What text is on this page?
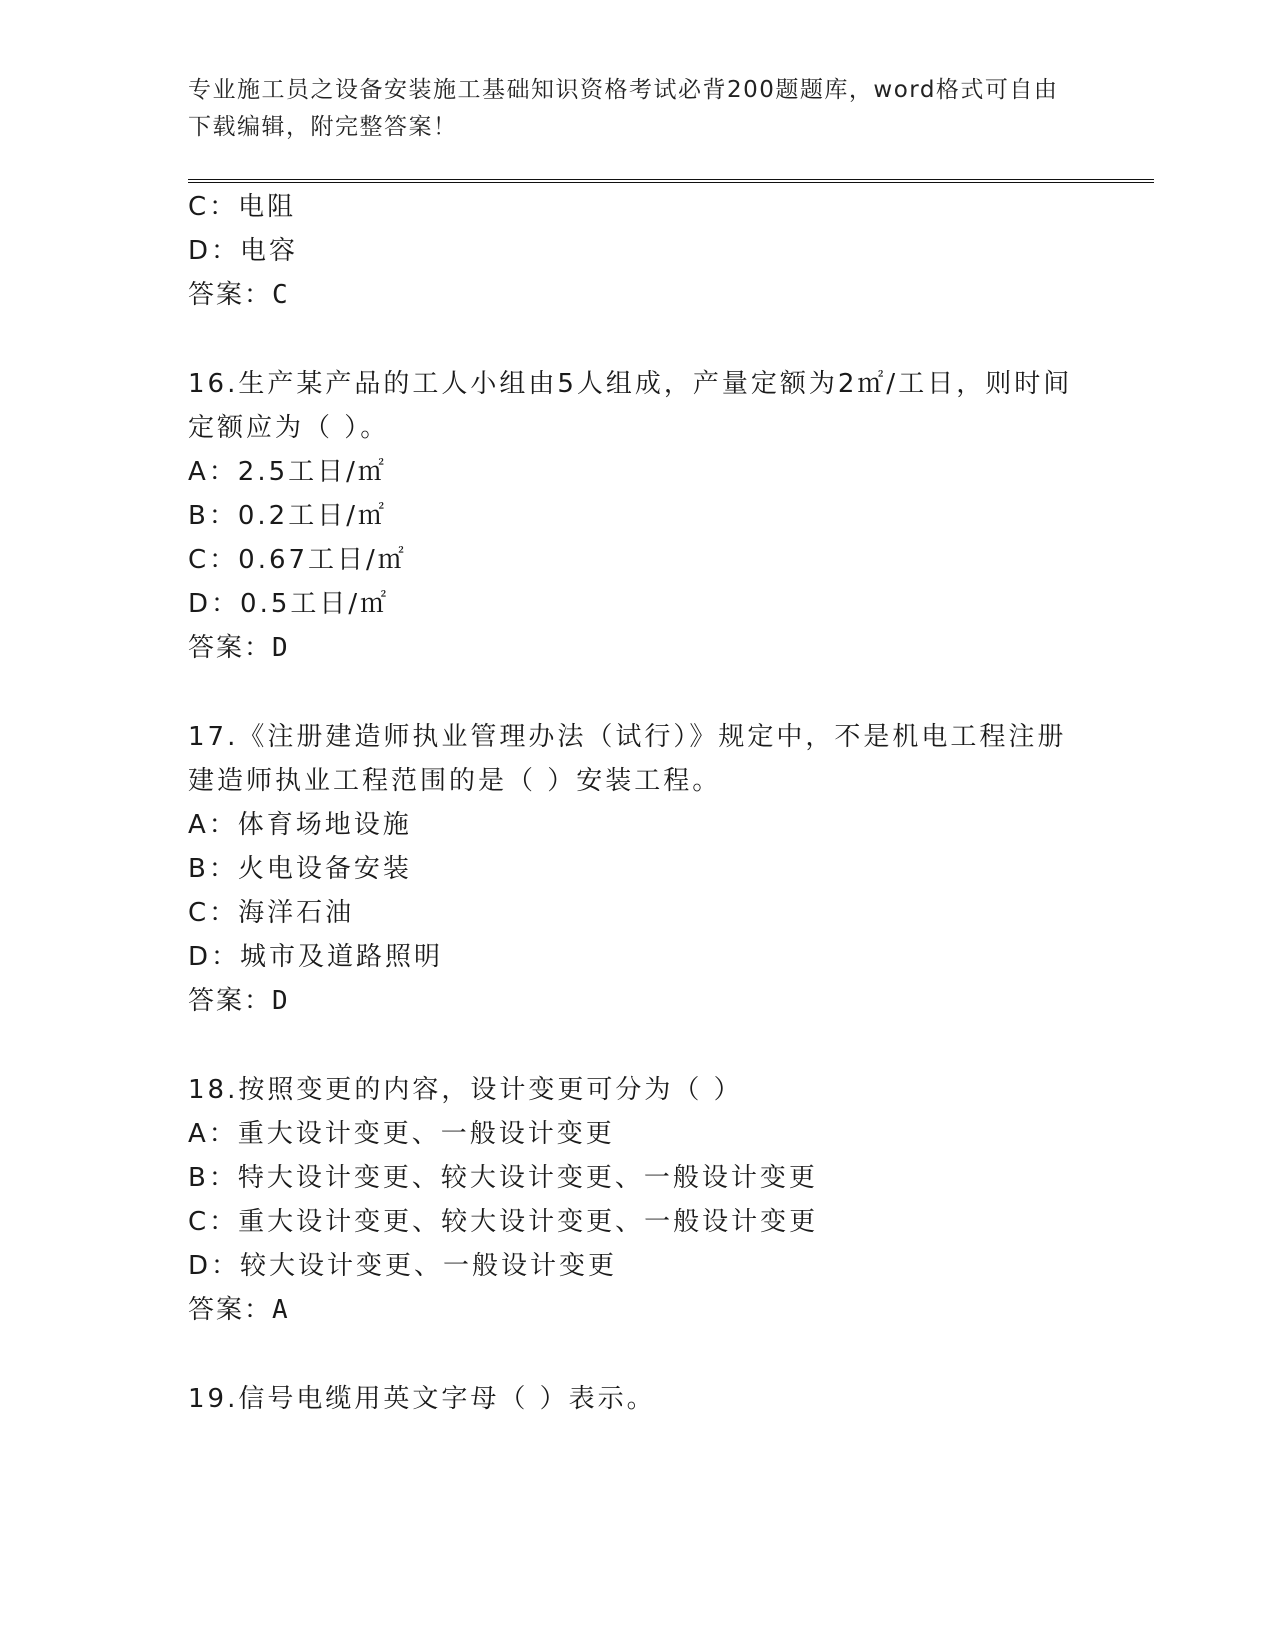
专业施工员之设备安装施工基础知识资格考试必背200题题库，word格式可自由
下载编辑，附完整答案！
C：电阻
D：电容
答案：C
16.生产某产品的工人小组由5人组成，产量定额为2㎡/工日，则时间
定额应为（ ）。
A：2.5工日/㎡
B：0.2工日/㎡
C：0.67工日/㎡
D：0.5工日/㎡
答案：D
17.《注册建造师执业管理办法（试行）》规定中，不是机电工程注册
建造师执业工程范围的是（ ）安装工程。
A：体育场地设施
B：火电设备安装
C：海洋石油
D：城市及道路照明
答案：D
18.按照变更的内容，设计变更可分为（ ）
A：重大设计变更、一般设计变更
B：特大设计变更、较大设计变更、一般设计变更
C：重大设计变更、较大设计变更、一般设计变更
D：较大设计变更、一般设计变更
答案：A
19.信号电缆用英文字母（ ）表示。
